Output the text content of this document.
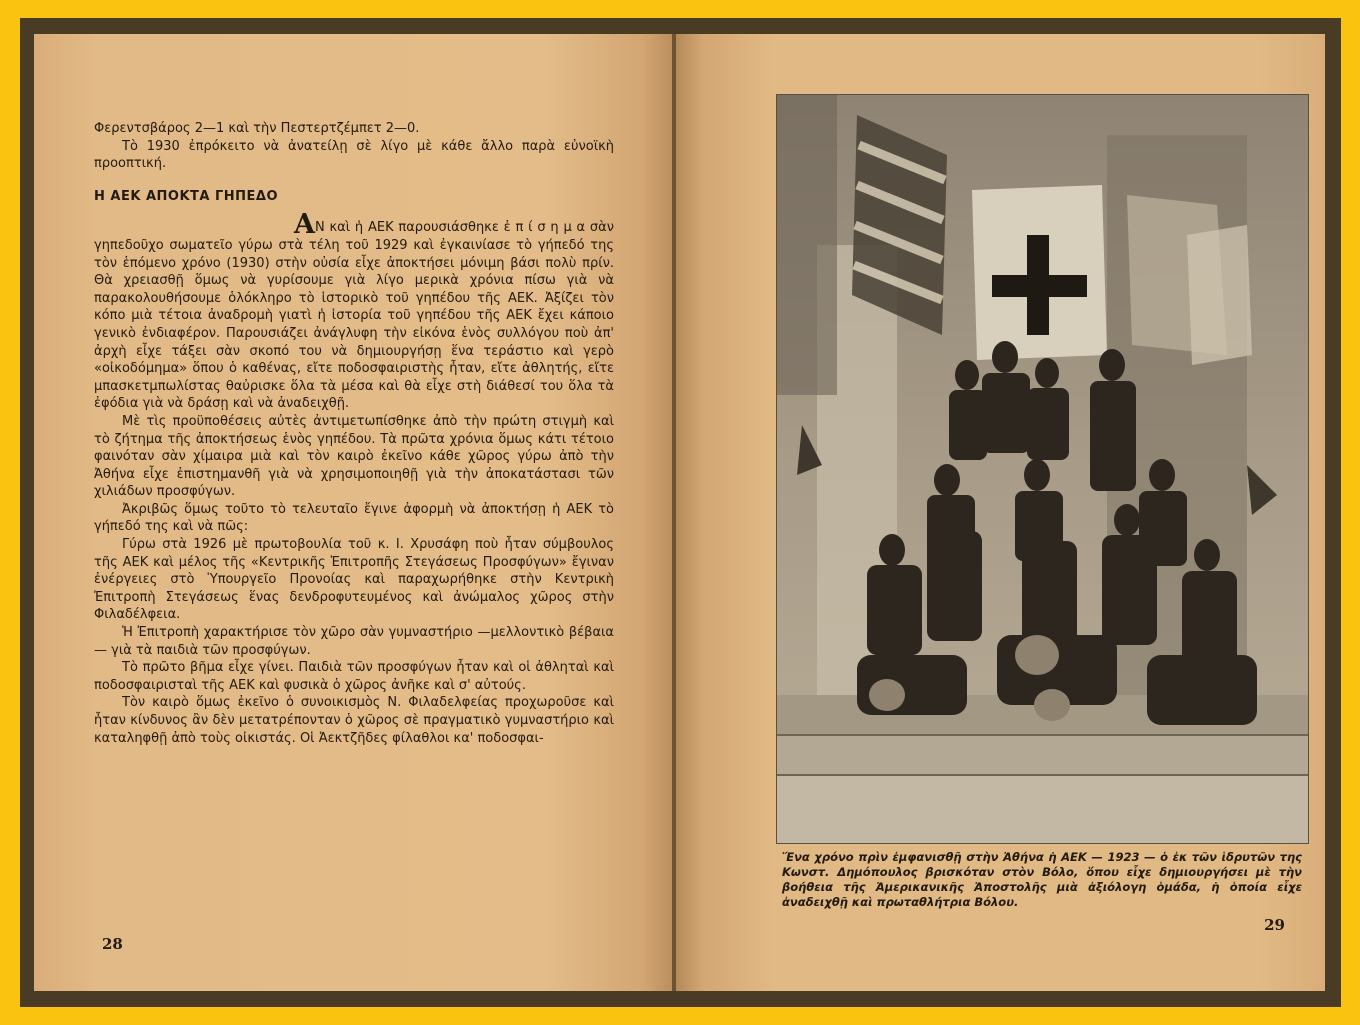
Φερεντσβάρος 2—1 καὶ τὴν Πεστερτζέμπετ 2—0.

Τὸ 1930 ἐπρόκειτο νὰ ἀνατείλῃ σὲ λίγο μὲ κάθε ἄλλο παρὰ εὐνοϊκὴ προοπτική.

Η ΑΕΚ ΑΠΟΚΤΑ ΓΗΠΕΔΟ

ΑΝ καὶ ἡ ΑΕΚ παρουσιάσθηκε ἐ π ί σ η μ α σὰν γηπεδοῦχο σωματεῖο γύρω στὰ τέλη τοῦ 1929 καὶ ἐγκαινίασε τὸ γήπεδό της τὸν ἑπόμενο χρόνο (1930) στὴν οὐσία εἶχε ἀποκτήσει μόνιμη βάσι πολὺ πρίν. Θὰ χρειασθῇ ὅμως νὰ γυρίσουμε γιὰ λίγο μερικὰ χρόνια πίσω γιὰ νὰ παρακολουθήσουμε ὁλόκληρο τὸ ἱστορικὸ τοῦ γηπέδου τῆς ΑΕΚ. Ἀξίζει τὸν κόπο μιὰ τέτοια ἀναδρομὴ γιατὶ ἡ ἱστορία τοῦ γηπέδου τῆς ΑΕΚ ἔχει κάποιο γενικὸ ἐνδιαφέρον. Παρουσιάζει ἀνάγλυφη τὴν εἰκόνα ἑνὸς συλλόγου ποὺ ἀπ' ἀρχὴ εἶχε τάξει σὰν σκοπό του νὰ δημιουργήσῃ ἕνα τεράστιο καὶ γερὸ «οἰκοδόμημα» ὅπου ὁ καθένας, εἴτε ποδοσφαιριστὴς ἦταν, εἴτε ἀθλητής, εἴτε μπασκετμπωλίστας θαὐρισκε ὅλα τὰ μέσα καὶ θὰ εἶχε στὴ διάθεσί του ὅλα τὰ ἐφόδια γιὰ νὰ δράσῃ καὶ νὰ ἀναδειχθῇ.

Μὲ τὶς προϋποθέσεις αὐτὲς ἀντιμετωπίσθηκε ἀπὸ τὴν πρώτη στιγμὴ καὶ τὸ ζήτημα τῆς ἀποκτήσεως ἑνὸς γηπέδου. Τὰ πρῶτα χρόνια ὅμως κάτι τέτοιο φαινόταν σὰν χίμαιρα μιὰ καὶ τὸν καιρὸ ἐκεῖνο κάθε χῶρος γύρω ἀπὸ τὴν Ἀθήνα εἶχε ἐπιστημανθῆ γιὰ νὰ χρησιμοποιηθῇ γιὰ τὴν ἀποκατάστασι τῶν χιλιάδων προσφύγων.

Ἀκριβῶς ὅμως τοῦτο τὸ τελευταῖο ἔγινε ἀφορμὴ νὰ ἀποκτήσῃ ἡ ΑΕΚ τὸ γήπεδό της καὶ νὰ πῶς:

Γύρω στὰ 1926 μὲ πρωτοβουλία τοῦ κ. Ι. Χρυσάφη ποὺ ἦταν σύμβουλος τῆς ΑΕΚ καὶ μέλος τῆς «Κεντρικῆς Ἐπιτροπῆς Στεγάσεως Προσφύγων» ἔγιναν ἐνέργειες στὸ Ὑπουργεῖο Προνοίας καὶ παραχωρήθηκε στὴν Κεντρικὴ Ἐπιτροπὴ Στεγάσεως ἕνας δενδροφυτευμένος καὶ ἀνώμαλος χῶρος στὴν Φιλαδέλφεια.

Ἡ Ἐπιτροπὴ χαρακτήρισε τὸν χῶρο σὰν γυμναστήριο —μελλοντικὸ βέβαια— γιὰ τὰ παιδιὰ τῶν προσφύγων.

Τὸ πρῶτο βῆμα εἶχε γίνει. Παιδιὰ τῶν προσφύγων ἦταν καὶ οἱ ἀθληταὶ καὶ ποδοσφαιρισταὶ τῆς ΑΕΚ καὶ φυσικὰ ὁ χῶρος ἀνῆκε καὶ σ' αὐτούς.

Τὸν καιρὸ ὅμως ἐκεῖνο ὁ συνοικισμὸς Ν. Φιλαδελφείας προχωροῦσε καὶ ἦταν κίνδυνος ἂν δὲν μετατρέπονταν ὁ χῶρος σὲ πραγματικὸ γυμναστήριο καὶ καταληφθῇ ἀπὸ τοὺς οἰκιστάς. Οἱ Ἀεκτζῆδες φίλαθλοι κα' ποδοσφαι-

28
Ἕνα χρόνο πρὶν ἐμφανισθῇ στὴν Ἀθήνα ἡ ΑΕΚ — 1923 — ὁ ἐκ τῶν ἱδρυτῶν της Κωνστ. Δημόπουλος βρισκόταν στὸν Βόλο, ὅπου εἶχε δημιουργήσει μὲ τὴν βοήθεια τῆς Ἀμερικανικῆς Ἀποστολῆς μιὰ ἀξιόλογη ὁμάδα, ἡ ὁποία εἶχε ἀναδειχθῇ καὶ πρωταθλήτρια Βόλου.
29
